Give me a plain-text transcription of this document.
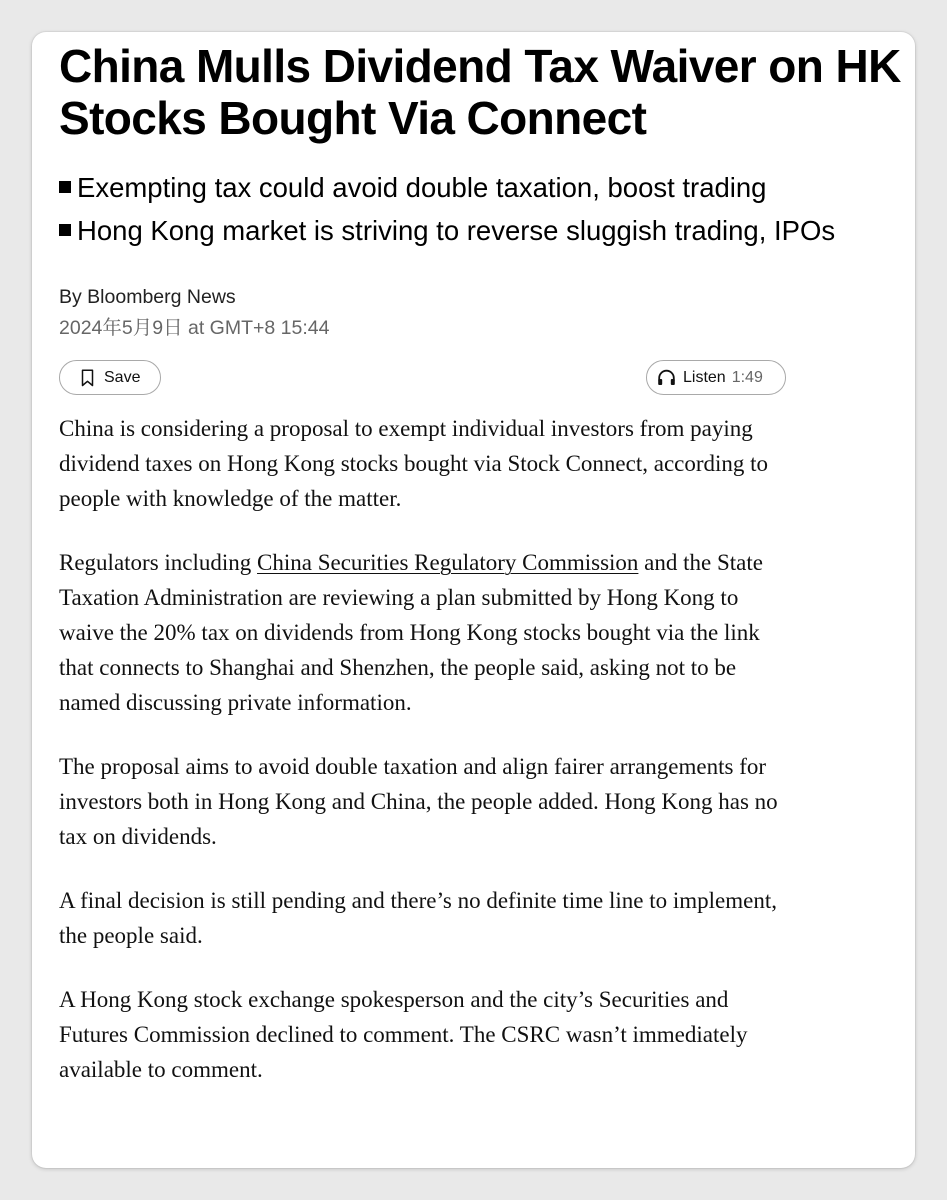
China Mulls Dividend Tax Waiver on HK Stocks Bought Via Connect
Exempting tax could avoid double taxation, boost trading
Hong Kong market is striving to reverse sluggish trading, IPOs
By Bloomberg News
2024年5月9日 at GMT+8 15:44
Save	Listen 1:49

China is considering a proposal to exempt individual investors from paying dividend taxes on Hong Kong stocks bought via Stock Connect, according to people with knowledge of the matter.

Regulators including China Securities Regulatory Commission and the State Taxation Administration are reviewing a plan submitted by Hong Kong to waive the 20% tax on dividends from Hong Kong stocks bought via the link that connects to Shanghai and Shenzhen, the people said, asking not to be named discussing private information.

The proposal aims to avoid double taxation and align fairer arrangements for investors both in Hong Kong and China, the people added. Hong Kong has no tax on dividends.

A final decision is still pending and there’s no definite time line to implement, the people said.

A Hong Kong stock exchange spokesperson and the city’s Securities and Futures Commission declined to comment. The CSRC wasn’t immediately available to comment.
